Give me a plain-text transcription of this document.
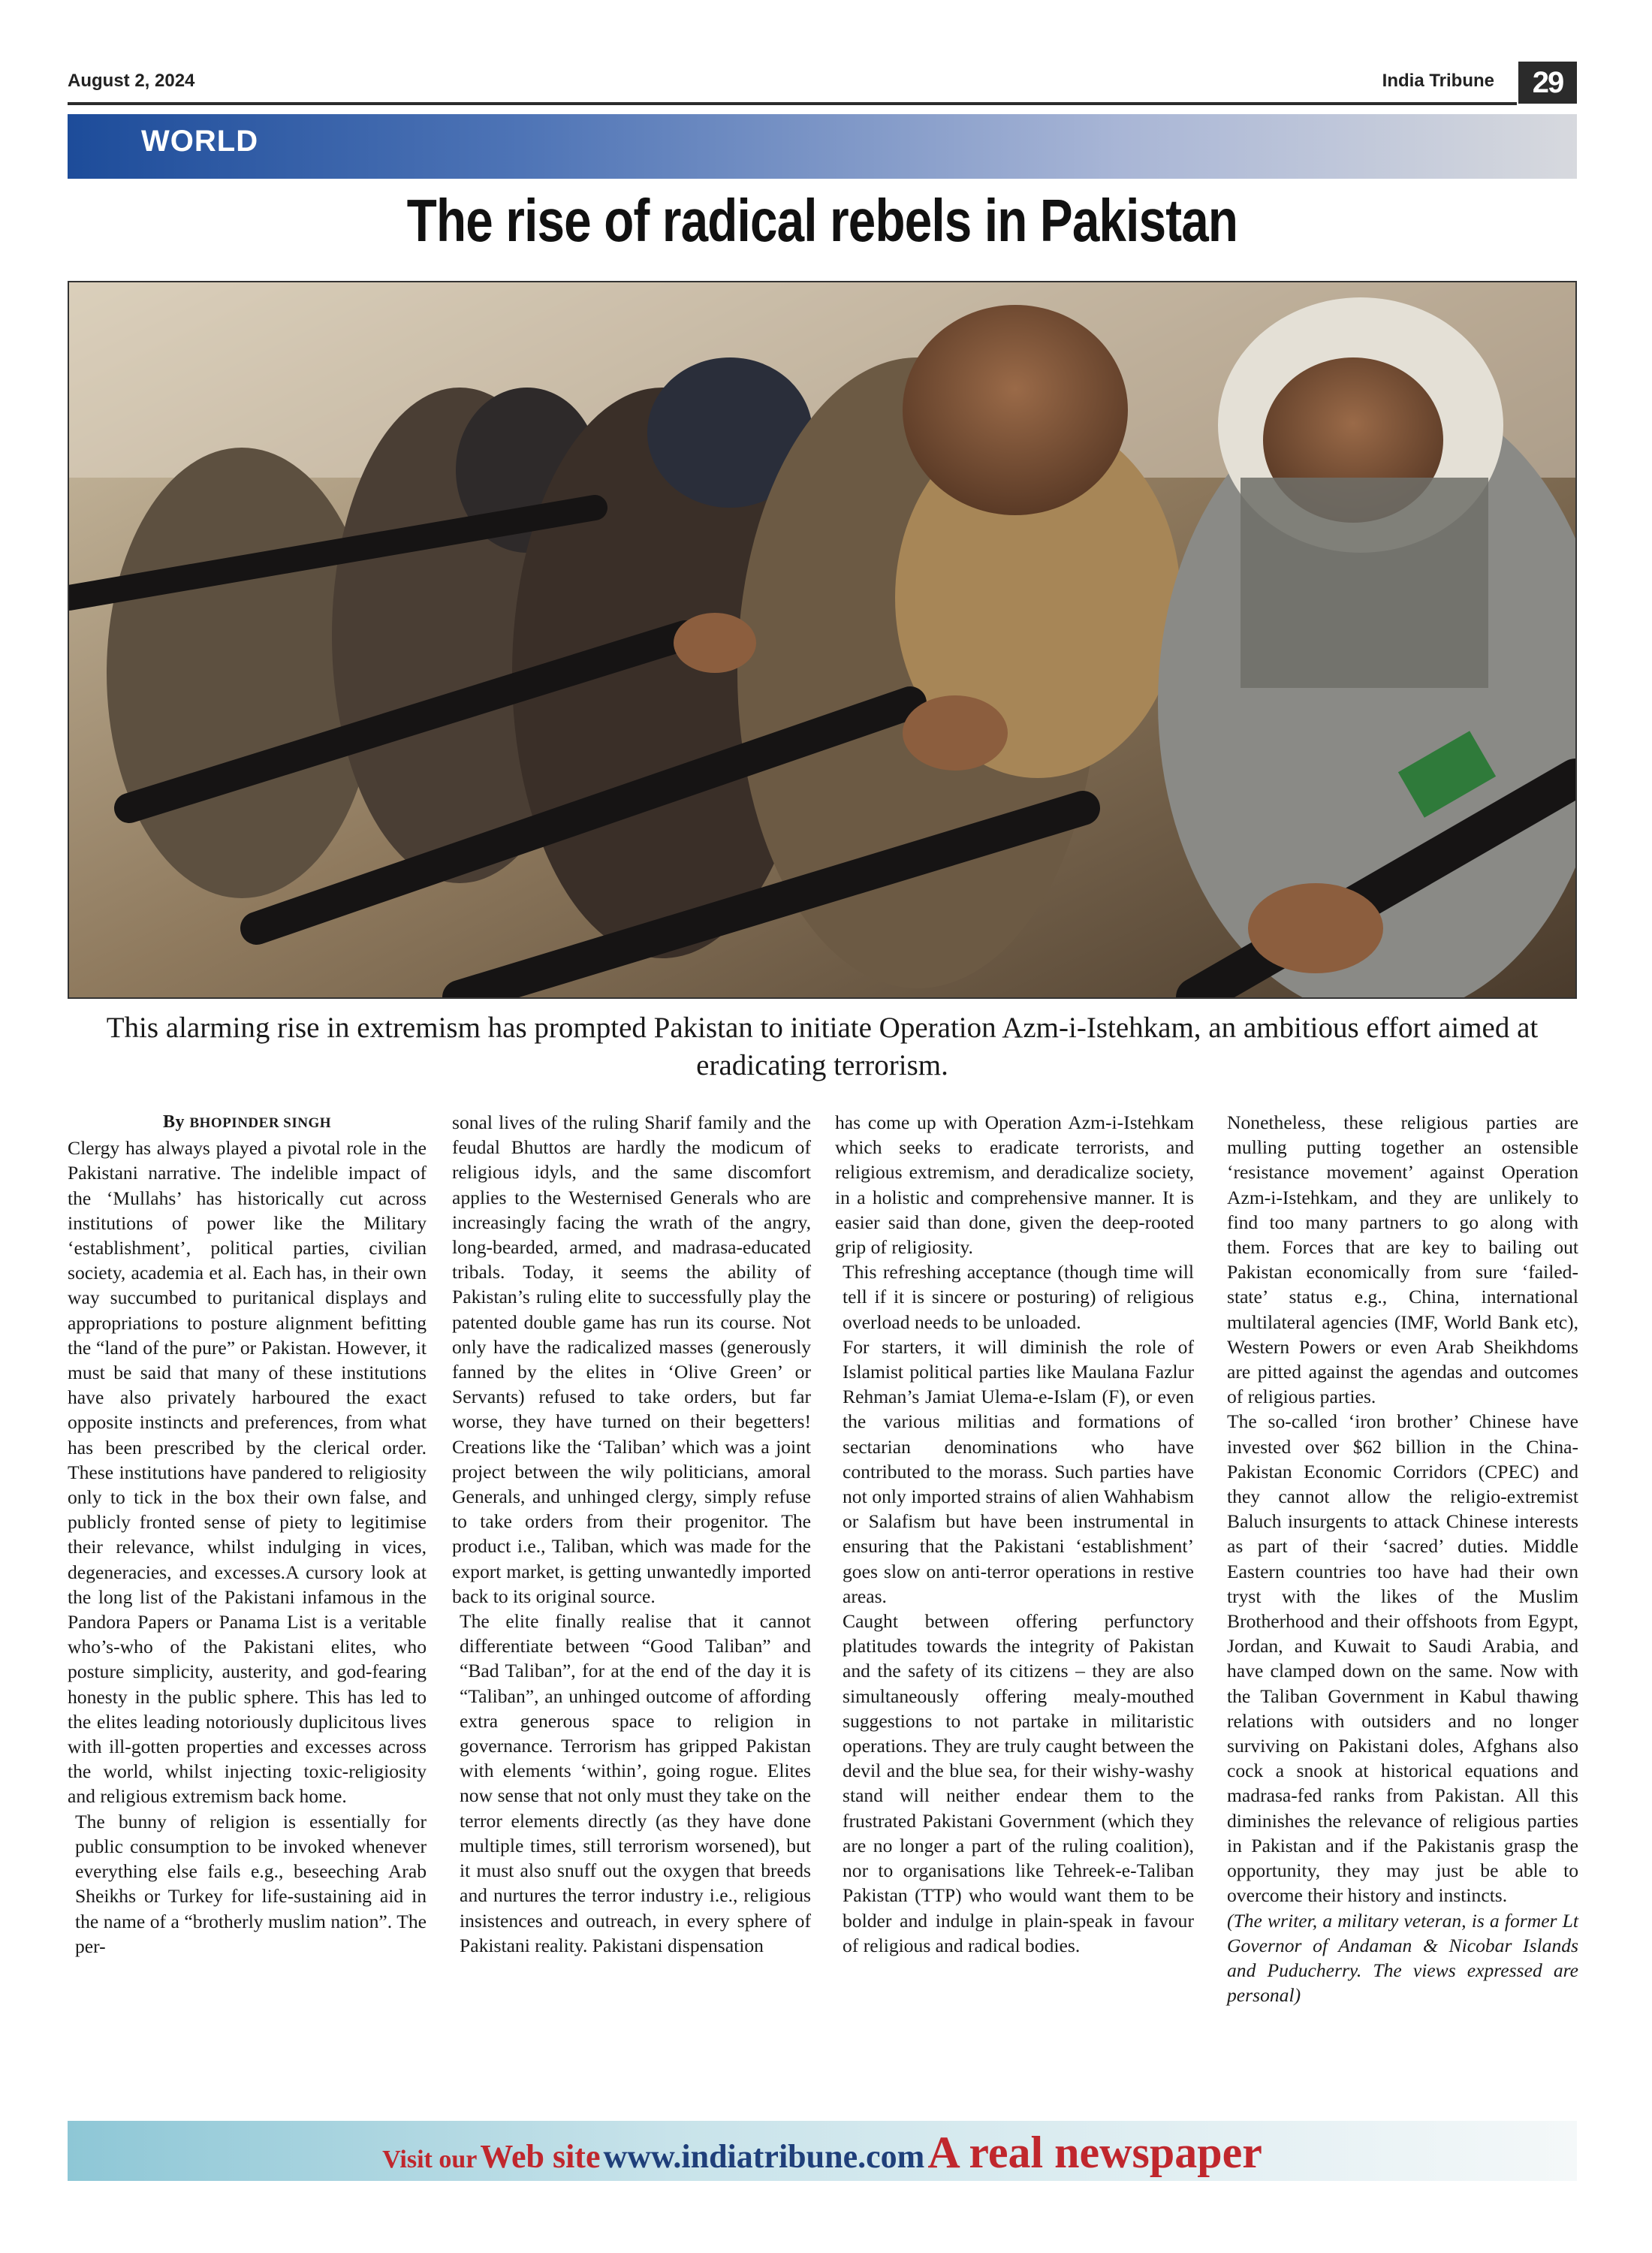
August 2, 2024	India Tribune	29
WORLD
The rise of radical rebels in Pakistan

This alarming rise in extremism has prompted Pakistan to initiate Operation Azm-i-Istehkam, an ambitious effort aimed at eradicating terrorism.

By BHOPINDER SINGH

Clergy has always played a pivotal role in the Pakistani narrative. The indelible impact of the ‘Mullahs’ has historically cut across institutions of power like the Military ‘establishment’, political parties, civilian society, academia et al. Each has, in their own way succumbed to puritanical displays and appropriations to posture alignment befitting the “land of the pure” or Pakistan. However, it must be said that many of these institutions have also privately harboured the exact opposite instincts and preferences, from what has been prescribed by the clerical order. These institutions have pandered to religiosity only to tick in the box their own false, and publicly fronted sense of piety to legitimise their relevance, whilst indulging in vices, degeneracies, and excesses.A cursory look at the long list of the Pakistani infamous in the Pandora Papers or Panama List is a veritable who’s-who of the Pakistani elites, who posture simplicity, austerity, and god-fearing honesty in the public sphere. This has led to the elites leading notoriously duplicitous lives with ill-gotten properties and excesses across the world, whilst injecting toxic-religiosity and religious extremism back home.

The bunny of religion is essentially for public consumption to be invoked whenever everything else fails e.g., beseeching Arab Sheikhs or Turkey for life-sustaining aid in the name of a “brotherly muslim nation”. The per-

sonal lives of the ruling Sharif family and the feudal Bhuttos are hardly the modicum of religious idyls, and the same discomfort applies to the Westernised Generals who are increasingly facing the wrath of the angry, long-bearded, armed, and madrasa-educated tribals. Today, it seems the ability of Pakistan’s ruling elite to successfully play the patented double game has run its course. Not only have the radicalized masses (generously fanned by the elites in ‘Olive Green’ or Servants) refused to take orders, but far worse, they have turned on their begetters! Creations like the ‘Taliban’ which was a joint project between the wily politicians, amoral Generals, and unhinged clergy, simply refuse to take orders from their progenitor. The product i.e., Taliban, which was made for the export market, is getting unwantedly imported back to its original source.

The elite finally realise that it cannot differentiate between “Good Taliban” and “Bad Taliban”, for at the end of the day it is “Taliban”, an unhinged outcome of affording extra generous space to religion in governance. Terrorism has gripped Pakistan with elements ‘within’, going rogue. Elites now sense that not only must they take on the terror elements directly (as they have done multiple times, still terrorism worsened), but it must also snuff out the oxygen that breeds and nurtures the terror industry i.e., religious insistences and outreach, in every sphere of Pakistani reality. Pakistani dispensation

has come up with Operation Azm-i-Istehkam which seeks to eradicate terrorists, and religious extremism, and deradicalize society, in a holistic and comprehensive manner. It is easier said than done, given the deep-rooted grip of religiosity.

This refreshing acceptance (though time will tell if it is sincere or posturing) of religious overload needs to be unloaded.

For starters, it will diminish the role of Islamist political parties like Maulana Fazlur Rehman’s Jamiat Ulema-e-Islam (F), or even the various militias and formations of sectarian denominations who have contributed to the morass. Such parties have not only imported strains of alien Wahhabism or Salafism but have been instrumental in ensuring that the Pakistani ‘establishment’ goes slow on anti-terror operations in restive areas.

Caught between offering perfunctory platitudes towards the integrity of Pakistan and the safety of its citizens – they are also simultaneously offering mealy-mouthed suggestions to not partake in militaristic operations. They are truly caught between the devil and the blue sea, for their wishy-washy stand will neither endear them to the frustrated Pakistani Government (which they are no longer a part of the ruling coalition), nor to organisations like Tehreek-e-Taliban Pakistan (TTP) who would want them to be bolder and indulge in plain-speak in favour of religious and radical bodies.

Nonetheless, these religious parties are mulling putting together an ostensible ‘resistance movement’ against Operation Azm-i-Istehkam, and they are unlikely to find too many partners to go along with them. Forces that are key to bailing out Pakistan economically from sure ‘failed-state’ status e.g., China, international multilateral agencies (IMF, World Bank etc), Western Powers or even Arab Sheikhdoms are pitted against the agendas and outcomes of religious parties.

The so-called ‘iron brother’ Chinese have invested over $62 billion in the China-Pakistan Economic Corridors (CPEC) and they cannot allow the religio-extremist Baluch insurgents to attack Chinese interests as part of their ‘sacred’ duties. Middle Eastern countries too have had their own tryst with the likes of the Muslim Brotherhood and their offshoots from Egypt, Jordan, and Kuwait to Saudi Arabia, and have clamped down on the same. Now with the Taliban Government in Kabul thawing relations with outsiders and no longer surviving on Pakistani doles, Afghans also cock a snook at historical equations and madrasa-fed ranks from Pakistan. All this diminishes the relevance of religious parties in Pakistan and if the Pakistanis grasp the opportunity, they may just be able to overcome their history and instincts.

(The writer, a military veteran, is a former Lt Governor of Andaman & Nicobar Islands and Puducherry. The views expressed are personal)

Visit our Web site www.indiatribune.com A real newspaper
